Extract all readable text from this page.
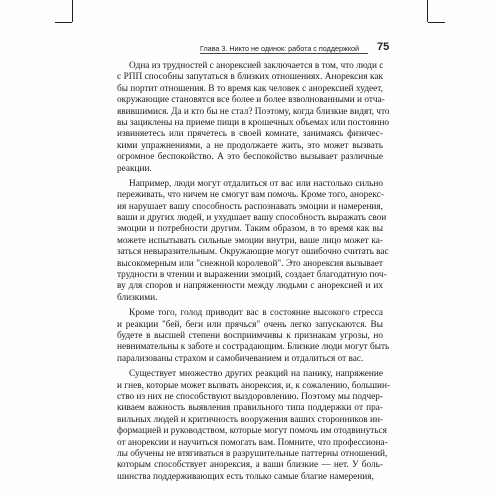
Глава 3. Никто не одинок: работа с поддержкой 75
Одна из трудностей с анорексией заключается в том, что люди с
с РПП способны запутаться в близких отношениях. Анорексия как
бы портит отношения. В то время как человек с анорексией худеет,
окружающие становятся все более и более взволнованными и отча-
явившимися. Да и кто бы не стал? Поэтому, когда близкие видят, что
вы зациклены на приеме пищи в крошечных объемах или постоянно
извиняетесь или прячетесь в своей комнате, занимаясь физичес-
кими упражнениями, а не продолжаете жить, это может вызвать
огромное беспокойство. А это беспокойство вызывает различные
реакции.
Например, люди могут отдалиться от вас или настолько сильно
переживать, что ничем не смогут вам помочь. Кроме того, анорекс-
ия нарушает вашу способность распознавать эмоции и намерения,
ваши и других людей, и ухудшает вашу способность выражать свои
эмоции и потребности другим. Таким образом, в то время как вы
можете испытывать сильные эмоции внутри, ваше лицо может ка-
заться невыразительным. Окружающие могут ошибочно считать вас
высокомерным или "снежной королевой". Это анорексия вызывает
трудности в чтении и выражении эмоций, создает благодатную поч-
ву для споров и напряженности между людьми с анорексией и их
близкими.
Кроме того, голод приводит вас в состояние высокого стресса
и реакции "бей, беги или прячься" очень легко запускаются. Вы
будете в высшей степени восприимчивы к признакам угрозы, но
невнимательны к заботе и сострадающим. Близкие люди могут быть
парализованы страхом и самобичеванием и отдалиться от вас.
Существует множество других реакций на панику, напряжение
и гнев, которые может вызвать анорексия, и, к сожалению, большин-
ство из них не способствуют выздоровлению. Поэтому мы подчер-
киваем важность выявления правильного типа поддержки от пра-
вильных людей и критичность вооружения ваших сторонников ин-
формацией и руководством, которые могут помочь им отодвинуться
от анорексии и научиться помогать вам. Помните, что профессиона-
лы обучены не втягиваться в разрушительные паттерны отношений,
которым способствует анорексия, а ваши близкие — нет. У боль-
шинства поддерживающих есть только самые благие намерения,
